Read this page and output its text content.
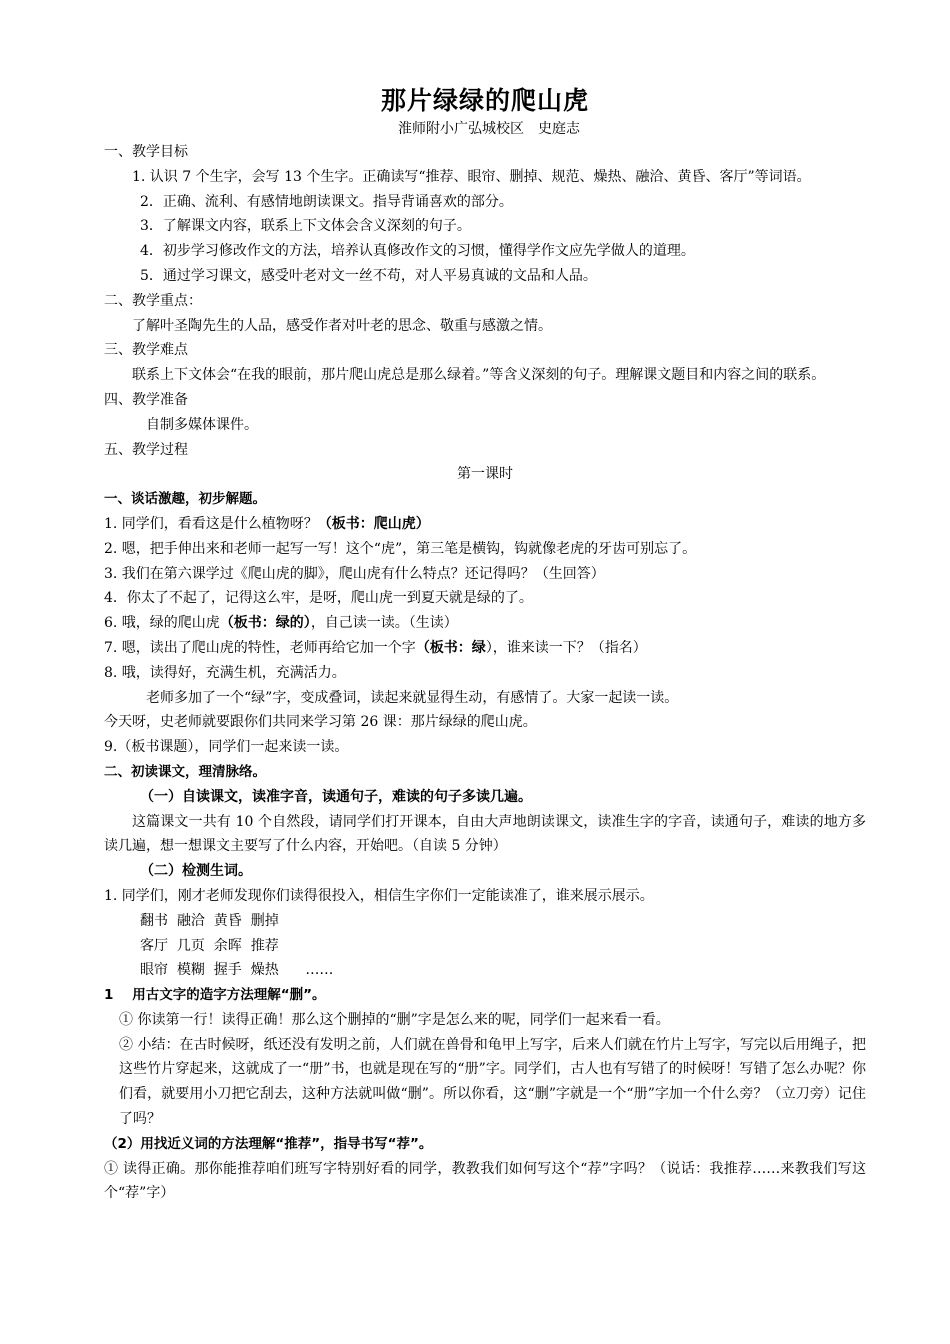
那片绿绿的爬山虎
淮师附小广弘城校区　史庭志

一、教学目标

1. 认识 7 个生字，会写 13 个生字。正确读写“推荐、眼帘、删掉、规范、燥热、融洽、黄昏、客厅”等词语。

2．正确、流利、有感情地朗读课文。指导背诵喜欢的部分。

3．了解课文内容，联系上下文体会含义深刻的句子。

4．初步学习修改作文的方法，培养认真修改作文的习惯，懂得学作文应先学做人的道理。

5．通过学习课文，感受叶老对文一丝不苟，对人平易真诚的文品和人品。

二、教学重点：

了解叶圣陶先生的人品，感受作者对叶老的思念、敬重与感激之情。

三、教学难点

联系上下文体会“在我的眼前，那片爬山虎总是那么绿着。”等含义深刻的句子。理解课文题目和内容之间的联系。

四、教学准备

自制多媒体课件。

五、教学过程

第一课时

一、谈话激趣，初步解题。

1. 同学们，看看这是什么植物呀？（板书：爬山虎）

2. 嗯，把手伸出来和老师一起写一写！这个“虎”，第三笔是横钩，钩就像老虎的牙齿可别忘了。

3. 我们在第六课学过《爬山虎的脚》，爬山虎有什么特点？还记得吗？（生回答）

4．你太了不起了，记得这么牢，是呀，爬山虎一到夏天就是绿的了。

6. 哦，绿的爬山虎（板书：绿的），自己读一读。（生读）

7. 嗯，读出了爬山虎的特性，老师再给它加一个字（板书：绿），谁来读一下？（指名）

8. 哦，读得好，充满生机，充满活力。

老师多加了一个“绿”字，变成叠词，读起来就显得生动，有感情了。大家一起读一读。

今天呀，史老师就要跟你们共同来学习第 26 课：那片绿绿的爬山虎。

9.（板书课题），同学们一起来读一读。

二、初读课文，理清脉络。

（一）自读课文，读准字音，读通句子，难读的句子多读几遍。

这篇课文一共有 10 个自然段，请同学们打开课本，自由大声地朗读课文，读准生字的字音，读通句子，难读的地方多读几遍，想一想课文主要写了什么内容，开始吧。（自读 5 分钟）

（二）检测生词。

1. 同学们，刚才老师发现你们读得很投入，相信生字你们一定能读准了，谁来展示展示。

翻书  融洽  黄昏  删掉

客厅  几页  余晖  推荐

眼帘  模糊  握手  燥热      ……

1    用古文字的造字方法理解“删”。

① 你读第一行！读得正确！那么这个删掉的“删”字是怎么来的呢，同学们一起来看一看。

② 小结：在古时候呀，纸还没有发明之前，人们就在兽骨和龟甲上写字，后来人们就在竹片上写字，写完以后用绳子，把这些竹片穿起来，这就成了一“册”书，也就是现在写的“册”字。同学们，古人也有写错了的时候呀！写错了怎么办呢？你们看，就要用小刀把它刮去，这种方法就叫做“删”。所以你看，这“删”字就是一个“册”字加一个什么旁？（立刀旁）记住了吗？

（2）用找近义词的方法理解“推荐”，指导书写“荐”。

① 读得正确。那你能推荐咱们班写字特别好看的同学，教教我们如何写这个“荐”字吗？（说话：我推荐……来教我们写这个“荐”字）
